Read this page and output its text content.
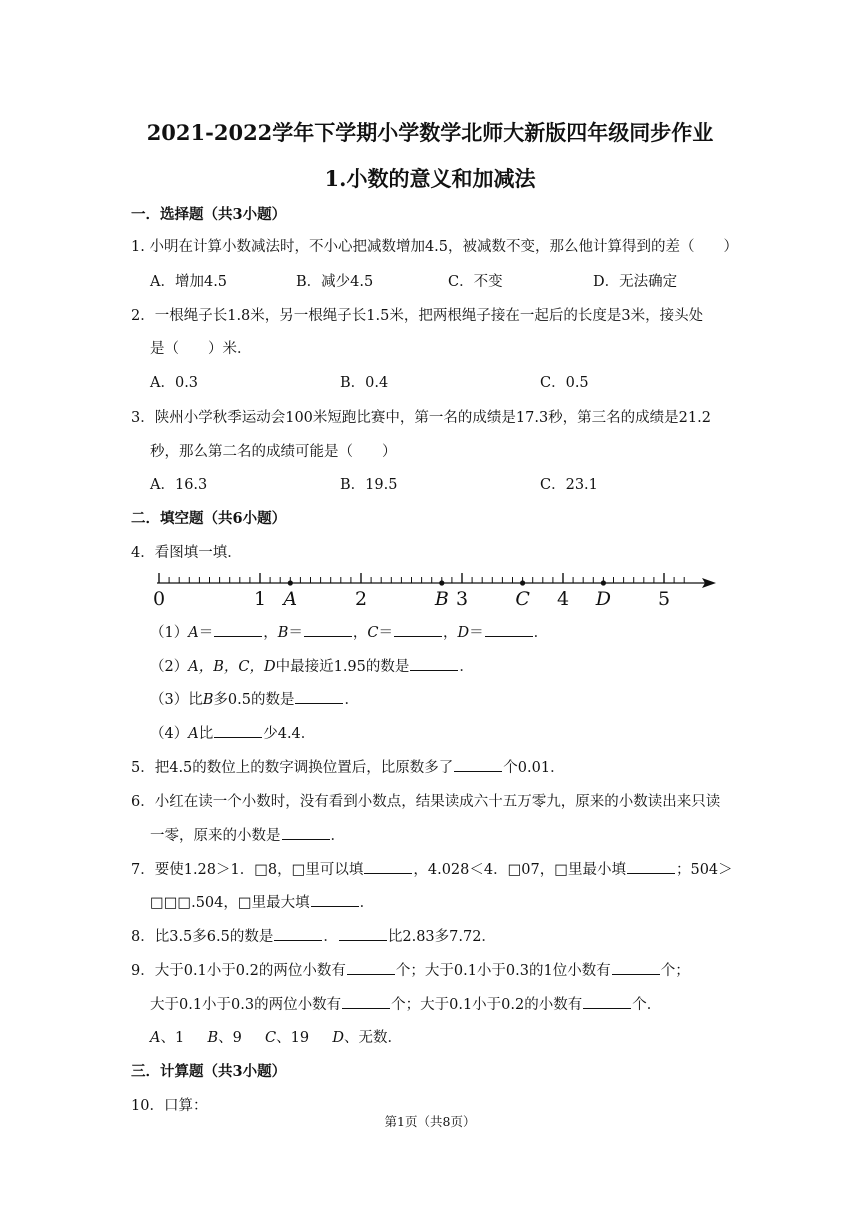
2021-2022学年下学期小学数学北师大新版四年级同步作业
1.小数的意义和加减法
一．选择题（共3小题）
1. 小明在计算小数减法时，不小心把减数增加4.5，被减数不变，那么他计算得到的差（　　）
A．增加4.5	B．减少4.5	C．不变	D．无法确定
2．一根绳子长1.8米，另一根绳子长1.5米，把两根绳子接在一起后的长度是3米，接头处
是（　　）米．
A．0.3	B．0.4	C．0.5
3．陕州小学秋季运动会100米短跑比赛中，第一名的成绩是17.3秒，第三名的成绩是21.2
秒，那么第二名的成绩可能是（　　）
A．16.3	B．19.5	C．23.1
二．填空题（共6小题）
4．看图填一填．
0	1	2	3	4	5
A	B	C	D
（1）A＝	，B＝	，C＝	，D＝	．
（2）A，B，C，D中最接近1.95的数是	．
（3）比B多0.5的数是	．
（4）A比	少4.4．
5．把4.5的数位上的数字调换位置后，比原数多了	个0.01．
6．小红在读一个小数时，没有看到小数点，结果读成六十五万零九，原来的小数读出来只读
一零，原来的小数是	．
7．要使1.28＞1．□8，□里可以填	，4.028＜4．□07，□里最小填	；504＞
□□□.504，□里最大填	．
8．比3.5多6.5的数是	．	比2.83多7.72．
9．大于0.1小于0.2的两位小数有	个；大于0.1小于0.3的1位小数有	个；
大于0.1小于0.3的两位小数有	个；大于0.1小于0.2的小数有	个．
A、1 B、9 C、19 D、无数．
三．计算题（共3小题）
10．口算：
第1页（共8页）
